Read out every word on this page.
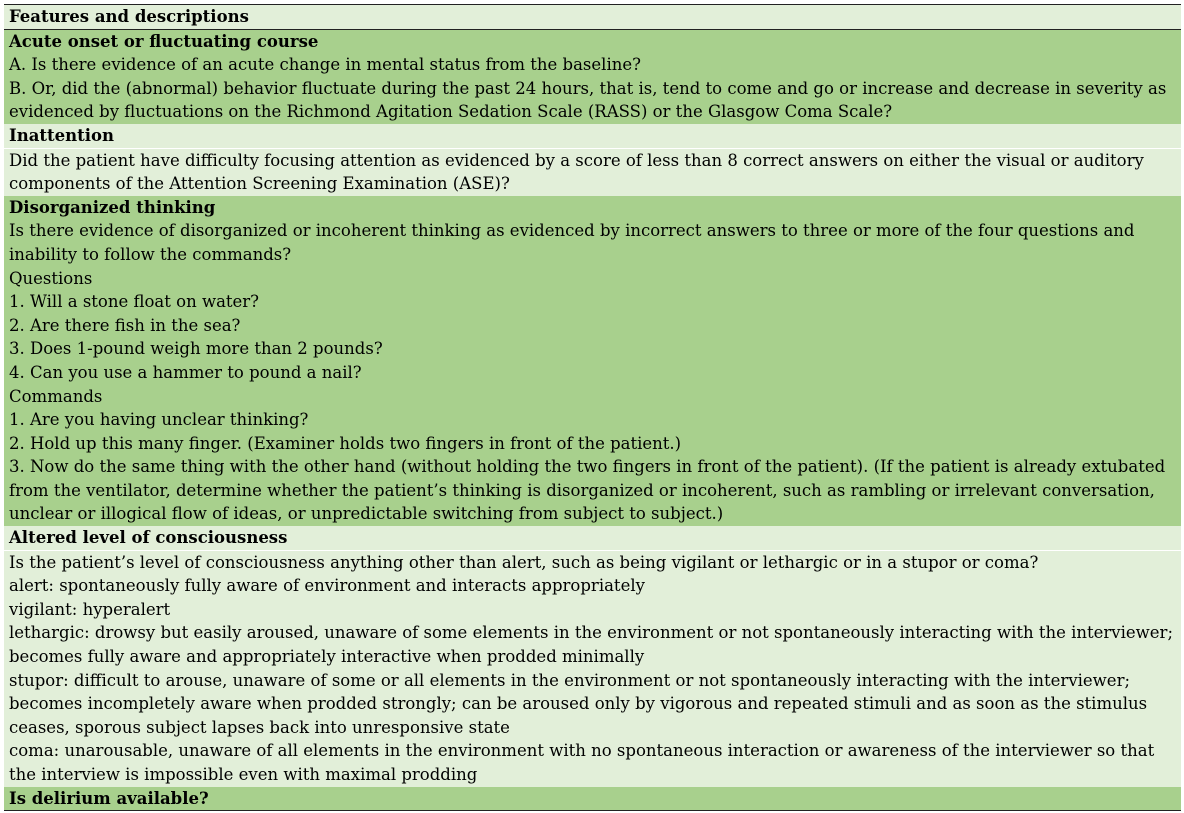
Features and descriptions
Acute onset or fluctuating course
A. Is there evidence of an acute change in mental status from the baseline?
B. Or, did the (abnormal) behavior fluctuate during the past 24 hours, that is, tend to come and go or increase and decrease in severity as evidenced by fluctuations on the Richmond Agitation Sedation Scale (RASS) or the Glasgow Coma Scale?
Inattention
Did the patient have difficulty focusing attention as evidenced by a score of less than 8 correct answers on either the visual or auditory components of the Attention Screening Examination (ASE)?
Disorganized thinking
Is there evidence of disorganized or incoherent thinking as evidenced by incorrect answers to three or more of the four questions and inability to follow the commands?
Questions
1. Will a stone float on water?
2. Are there fish in the sea?
3. Does 1-pound weigh more than 2 pounds?
4. Can you use a hammer to pound a nail?
Commands
1. Are you having unclear thinking?
2. Hold up this many finger. (Examiner holds two fingers in front of the patient.)
3. Now do the same thing with the other hand (without holding the two fingers in front of the patient). (If the patient is already extubated from the ventilator, determine whether the patient’s thinking is disorganized or incoherent, such as rambling or irrelevant conversation, unclear or illogical flow of ideas, or unpredictable switching from subject to subject.)
Altered level of consciousness
Is the patient’s level of consciousness anything other than alert, such as being vigilant or lethargic or in a stupor or coma?
alert: spontaneously fully aware of environment and interacts appropriately
vigilant: hyperalert
lethargic: drowsy but easily aroused, unaware of some elements in the environment or not spontaneously interacting with the interviewer; becomes fully aware and appropriately interactive when prodded minimally
stupor: difficult to arouse, unaware of some or all elements in the environment or not spontaneously interacting with the interviewer; becomes incompletely aware when prodded strongly; can be aroused only by vigorous and repeated stimuli and as soon as the stimulus ceases, sporous subject lapses back into unresponsive state
coma: unarousable, unaware of all elements in the environment with no spontaneous interaction or awareness of the interviewer so that the interview is impossible even with maximal prodding
Is delirium available?
